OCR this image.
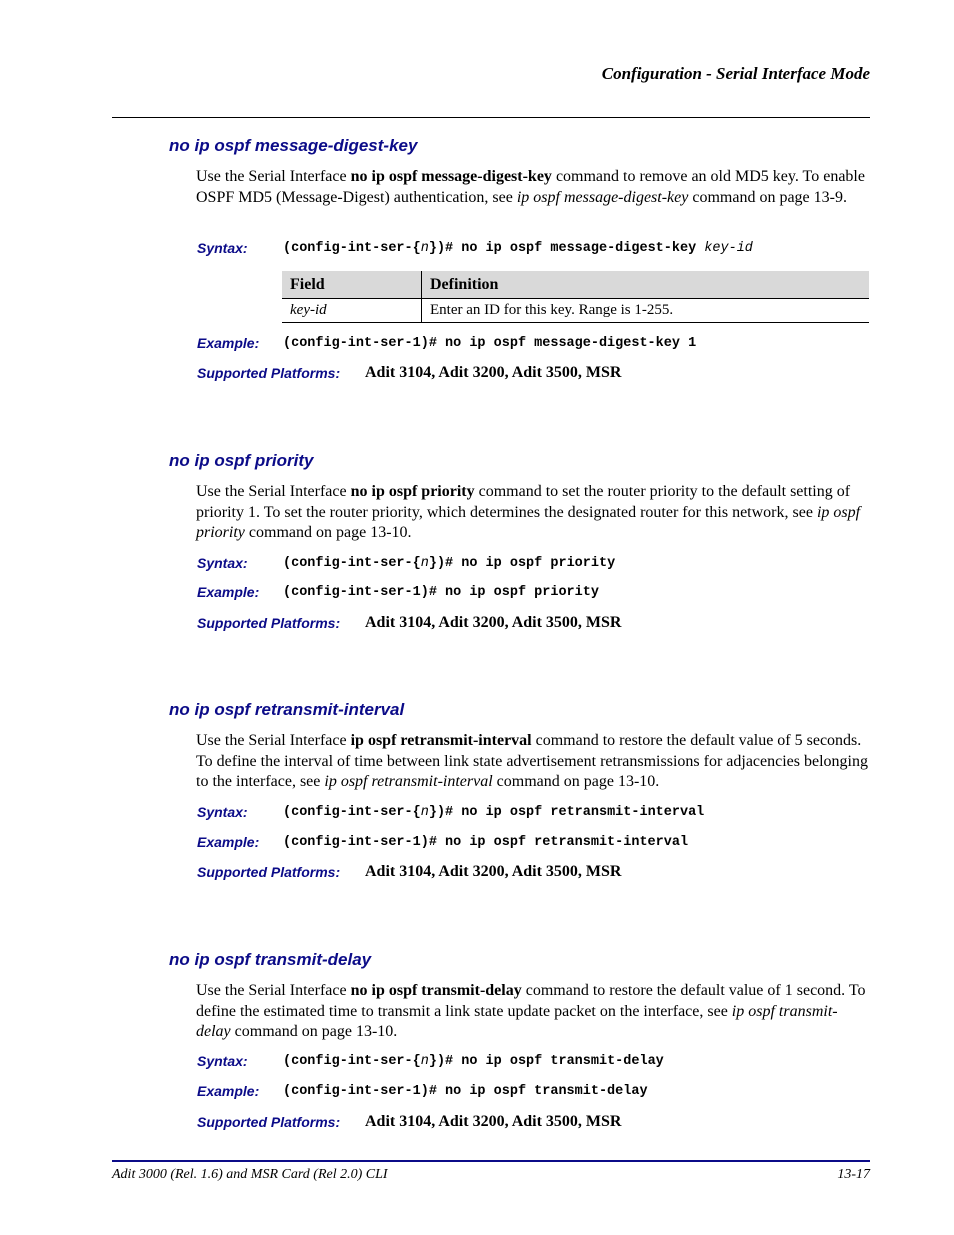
Configuration - Serial Interface Mode
no ip ospf message-digest-key
Use the Serial Interface no ip ospf message-digest-key command to remove an old MD5 key. To enable OSPF MD5 (Message-Digest) authentication, see ip ospf message-digest-key command on page 13-9.
Syntax:	(config-int-ser-{n})# no ip ospf message-digest-key key-id
Field	Definition
key-id	Enter an ID for this key. Range is 1-255.
Example: (config-int-ser-1)# no ip ospf message-digest-key 1
Supported Platforms: Adit 3104, Adit 3200, Adit 3500, MSR
no ip ospf priority
Use the Serial Interface no ip ospf priority command to set the router priority to the default setting of priority 1. To set the router priority, which determines the designated router for this network, see ip ospf priority command on page 13-10.
Syntax:	(config-int-ser-{n})# no ip ospf priority
Example: (config-int-ser-1)# no ip ospf priority
Supported Platforms: Adit 3104, Adit 3200, Adit 3500, MSR
no ip ospf retransmit-interval
Use the Serial Interface ip ospf retransmit-interval command to restore the default value of 5 seconds. To define the interval of time between link state advertisement retransmissions for adjacencies belonging to the interface, see ip ospf retransmit-interval command on page 13-10.
Syntax:	(config-int-ser-{n})# no ip ospf retransmit-interval
Example: (config-int-ser-1)# no ip ospf retransmit-interval
Supported Platforms: Adit 3104, Adit 3200, Adit 3500, MSR
no ip ospf transmit-delay
Use the Serial Interface no ip ospf transmit-delay command to restore the default value of 1 second. To define the estimated time to transmit a link state update packet on the interface, see ip ospf transmit-delay command on page 13-10.
Syntax:	(config-int-ser-{n})# no ip ospf transmit-delay
Example: (config-int-ser-1)# no ip ospf transmit-delay
Supported Platforms: Adit 3104, Adit 3200, Adit 3500, MSR
Adit 3000 (Rel. 1.6) and MSR Card (Rel 2.0) CLI	13-17
